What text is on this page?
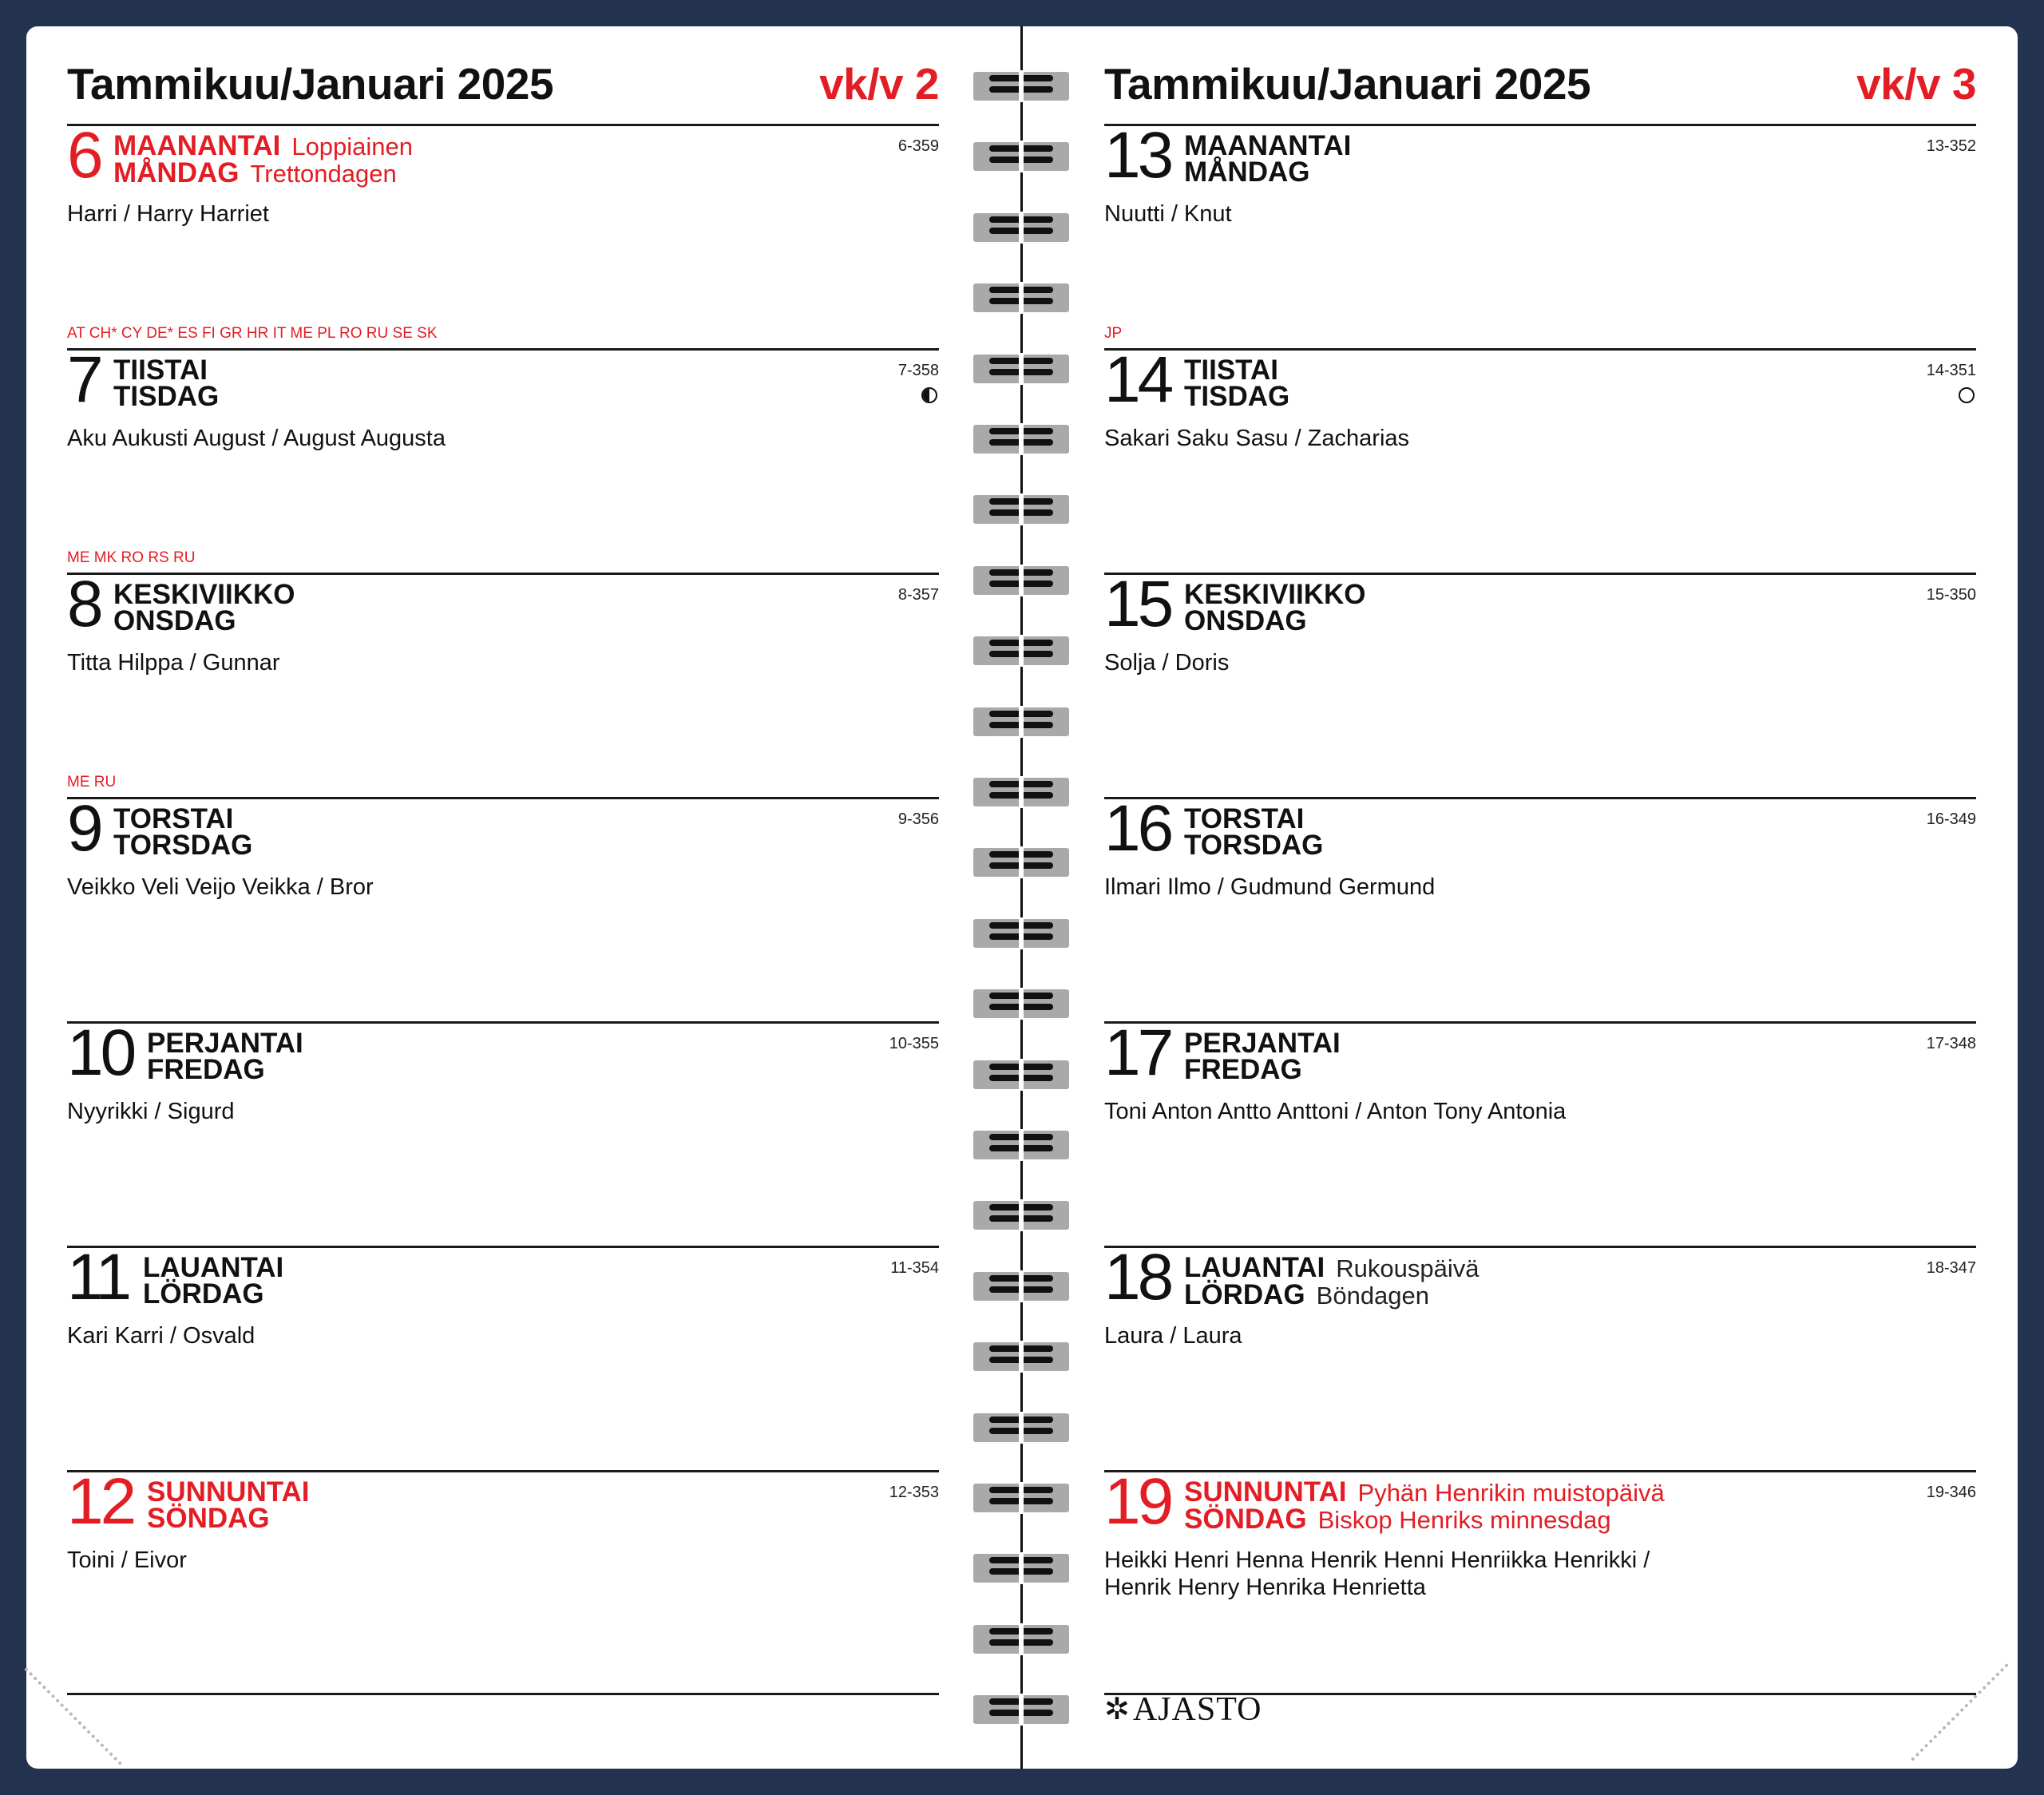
Tammikuu/Januari 2025	vk/v 2
6 MAANANTAI Loppiainen
MÅNDAG Trettondagen
6-359
Harri / Harry Harriet
AT CH* CY DE* ES FI GR HR IT ME PL RO RU SE SK
7 TIISTAI
TISDAG
7-358
Aku Aukusti August / August Augusta
ME MK RO RS RU
8 KESKIVIIKKO
ONSDAG
8-357
Titta Hilppa / Gunnar
ME RU
9 TORSTAI
TORSDAG
9-356
Veikko Veli Veijo Veikka / Bror
10 PERJANTAI
FREDAG
10-355
Nyyrikki / Sigurd
11 LAUANTAI
LÖRDAG
11-354
Kari Karri / Osvald
12 SUNNUNTAI
SÖNDAG
12-353
Toini / Eivor
Tammikuu/Januari 2025	vk/v 3
13 MAANANTAI
MÅNDAG
13-352
Nuutti / Knut
JP
14 TIISTAI
TISDAG
14-351
Sakari Saku Sasu / Zacharias
15 KESKIVIIKKO
ONSDAG
15-350
Solja / Doris
16 TORSTAI
TORSDAG
16-349
Ilmari Ilmo / Gudmund Germund
17 PERJANTAI
FREDAG
17-348
Toni Anton Antto Anttoni / Anton Tony Antonia
18 LAUANTAI Rukouspäivä
LÖRDAG Böndagen
18-347
Laura / Laura
19 SUNNUNTAI Pyhän Henrikin muistopäivä
SÖNDAG Biskop Henriks minnesdag
19-346
Heikki Henri Henna Henrik Henni Henriikka Henrikki /
Henrik Henry Henrika Henrietta
✲ AJASTO
